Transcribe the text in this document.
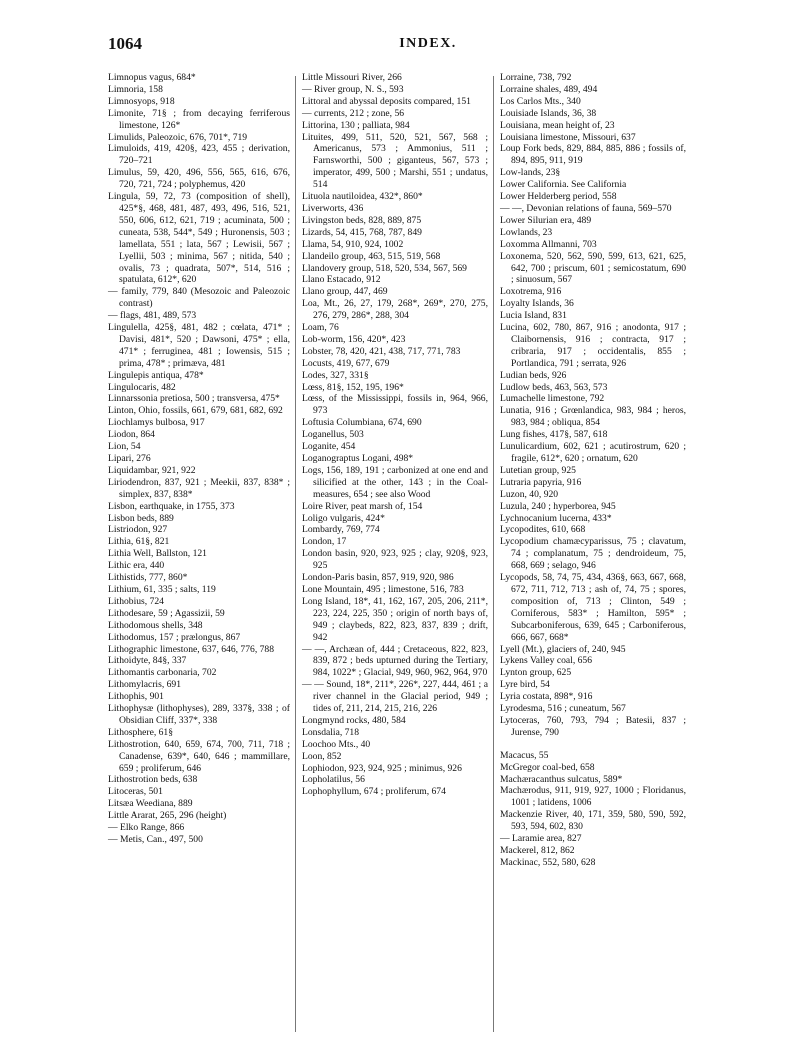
1064	INDEX.

Limnopus vagus, 684*

Limnoria, 158

Limnosyops, 918

Limonite, 71§ ; from decaying ferriferous limestone, 126*

Limulids, Paleozoic, 676, 701*, 719

Limuloids, 419, 420§, 423, 455 ; derivation, 720–721

Limulus, 59, 420, 496, 556, 565, 616, 676, 720, 721, 724 ; polyphemus, 420

Lingula, 59, 72, 73 (composition of shell), 425*§, 468, 481, 487, 493, 496, 516, 521, 550, 606, 612, 621, 719 ; acuminata, 500 ; cuneata, 538, 544*, 549 ; Huronensis, 503 ; lamellata, 551 ; lata, 567 ; Lewisii, 567 ; Lyellii, 503 ; minima, 567 ; nitida, 540 ; ovalis, 73 ; quadrata, 507*, 514, 516 ; spatulata, 612*, 620

— family, 779, 840 (Mesozoic and Paleozoic contrast)

— flags, 481, 489, 573

Lingulella, 425§, 481, 482 ; cœlata, 471* ; Davisi, 481*, 520 ; Dawsoni, 475* ; ella, 471* ; ferruginea, 481 ; Iowensis, 515 ; prima, 478* ; primæva, 481

Lingulepis antiqua, 478*

Lingulocaris, 482

Linnarssonia pretiosa, 500 ; transversa, 475*

Linton, Ohio, fossils, 661, 679, 681, 682, 692

Liochlamys bulbosa, 917

Liodon, 864

Lion, 54

Lipari, 276

Liquidambar, 921, 922

Liriodendron, 837, 921 ; Meekii, 837, 838* ; simplex, 837, 838*

Lisbon, earthquake, in 1755, 373

Lisbon beds, 889

Listriodon, 927

Lithia, 61§, 821

Lithia Well, Ballston, 121

Lithic era, 440

Lithistids, 777, 860*

Lithium, 61, 335 ; salts, 119

Lithobius, 724

Lithodesare, 59 ; Agassizii, 59

Lithodomous shells, 348

Lithodomus, 157 ; prælongus, 867

Lithographic limestone, 637, 646, 776, 788

Lithoidyte, 84§, 337

Lithomantis carbonaria, 702

Lithomylacris, 691

Lithophis, 901

Lithophysæ (lithophyses), 289, 337§, 338 ; of Obsidian Cliff, 337*, 338

Lithosphere, 61§

Lithostrotion, 640, 659, 674, 700, 711, 718 ; Canadense, 639*, 640, 646 ; mammillare, 659 ; proliferum, 646

Lithostrotion beds, 638

Litoceras, 501

Litsæa Weediana, 889

Little Ararat, 265, 296 (height)

— Elko Range, 866

— Metis, Can., 497, 500

Little Missouri River, 266

— River group, N. S., 593

Littoral and abyssal deposits compared, 151

— currents, 212 ; zone, 56

Littorina, 130 ; palliata, 984

Lituites, 499, 511, 520, 521, 567, 568 ; Americanus, 573 ; Ammonius, 511 ; Farnsworthi, 500 ; giganteus, 567, 573 ; imperator, 499, 500 ; Marshi, 551 ; undatus, 514

Lituola nautiloidea, 432*, 860*

Liverworts, 436

Livingston beds, 828, 889, 875

Lizards, 54, 415, 768, 787, 849

Llama, 54, 910, 924, 1002

Llandeilo group, 463, 515, 519, 568

Llandovery group, 518, 520, 534, 567, 569

Llano Estacado, 912

Llano group, 447, 469

Loa, Mt., 26, 27, 179, 268*, 269*, 270, 275, 276, 279, 286*, 288, 304

Loam, 76

Lob-worm, 156, 420*, 423

Lobster, 78, 420, 421, 438, 717, 771, 783

Locusts, 419, 677, 679

Lodes, 327, 331§

Lœss, 81§, 152, 195, 196*

Lœss, of the Mississippi, fossils in, 964, 966, 973

Loftusia Columbiana, 674, 690

Loganellus, 503

Loganite, 454

Logan​ograptus Logani, 498*

Logs, 156, 189, 191 ; carbonized at one end and silicified at the other, 143 ; in the Coal-measures, 654 ; see also Wood

Loire River, peat marsh of, 154

Loligo vulgaris, 424*

Lombardy, 769, 774

London, 17

London basin, 920, 923, 925 ; clay, 920§, 923, 925

London-Paris basin, 857, 919, 920, 986

Lone Mountain, 495 ; limestone, 516, 783

Long Island, 18*, 41, 162, 167, 205, 206, 211*, 223, 224, 225, 350 ; origin of north bays of, 949 ; claybeds, 822, 823, 837, 839 ; drift, 942

— —, Archæan of, 444 ; Cretaceous, 822, 823, 839, 872 ; beds upturned during the Tertiary, 984, 1022* ; Glacial, 949, 960, 962, 964, 970

— — Sound, 18*, 211*, 226*, 227, 444, 461 ; a river channel in the Glacial period, 949 ; tides of, 211, 214, 215, 216, 226

Longmynd rocks, 480, 584

Lonsdalia, 718

Loochoo Mts., 40

Loon, 852

Lophiodon, 923, 924, 925 ; minimus, 926

Lopholatilus, 56

Lophophyllum, 674 ; proliferum, 674

Lorraine, 738, 792

Lorraine shales, 489, 494

Los Carlos Mts., 340

Louisiade Islands, 36, 38

Louisiana, mean height of, 23

Louisiana limestone, Missouri, 637

Loup Fork beds, 829, 884, 885, 886 ; fossils of, 894, 895, 911, 919

Low-lands, 23§

Lower California. See California

Lower Helderberg period, 558

— —, Devonian relations of fauna, 569–570

Lower Silurian era, 489

Lowlands, 23

Loxomma Allmanni, 703

Loxonema, 520, 562, 590, 599, 613, 621, 625, 642, 700 ; priscum, 601 ; semicostatum, 690 ; sinuosum, 567

Loxotrema, 916

Loyalty Islands, 36

Lucia Island, 831

Lucina, 602, 780, 867, 916 ; anodonta, 917 ; Claibornensis, 916 ; contracta, 917 ; cribraria, 917 ; occidentalis, 855 ; Portlandica, 791 ; serrata, 926

Ludian beds, 926

Ludlow beds, 463, 563, 573

Lumachelle limestone, 792

Lunatia, 916 ; Grœnlandica, 983, 984 ; heros, 983, 984 ; obliqua, 854

Lung fishes, 417§, 587, 618

Lunulicardium, 602, 621 ; acutirostrum, 620 ; fragile, 612*, 620 ; ornatum, 620

Lutetian group, 925

Lutraria papyria, 916

Luzon, 40, 920

Luzula, 240 ; hyperborea, 945

Lychnocanium lucerna, 433*

Lycopodites, 610, 668

Lycopodium chamæcyparissus, 75 ; clavatum, 74 ; complanatum, 75 ; dendroideum, 75, 668, 669 ; selago, 946

Lycopods, 58, 74, 75, 434, 436§, 663, 667, 668, 672, 711, 712, 713 ; ash of, 74, 75 ; spores, composition of, 713 ; Clinton, 549 ; Corniferous, 583* ; Hamilton, 595* ; Subcarboniferous, 639, 645 ; Carboniferous, 666, 667, 668*

Lyell (Mt.), glaciers of, 240, 945

Lykens Valley coal, 656

Lynton group, 625

Lyre bird, 54

Lyria costata, 898*, 916

Lyrodesma, 516 ; cuneatum, 567

Lytoceras, 760, 793, 794 ; Batesii, 837 ; Jurense, 790

Macacus, 55

McGregor coal-bed, 658

Machæracanthus sulcatus, 589*

Machærodus, 911, 919, 927, 1000 ; Floridanus, 1001 ; latidens, 1006

Mackenzie River, 40, 171, 359, 580, 590, 592, 593, 594, 602, 830

— Laramie area, 827

Mackerel, 812, 862

Mackinac, 552, 580, 628
